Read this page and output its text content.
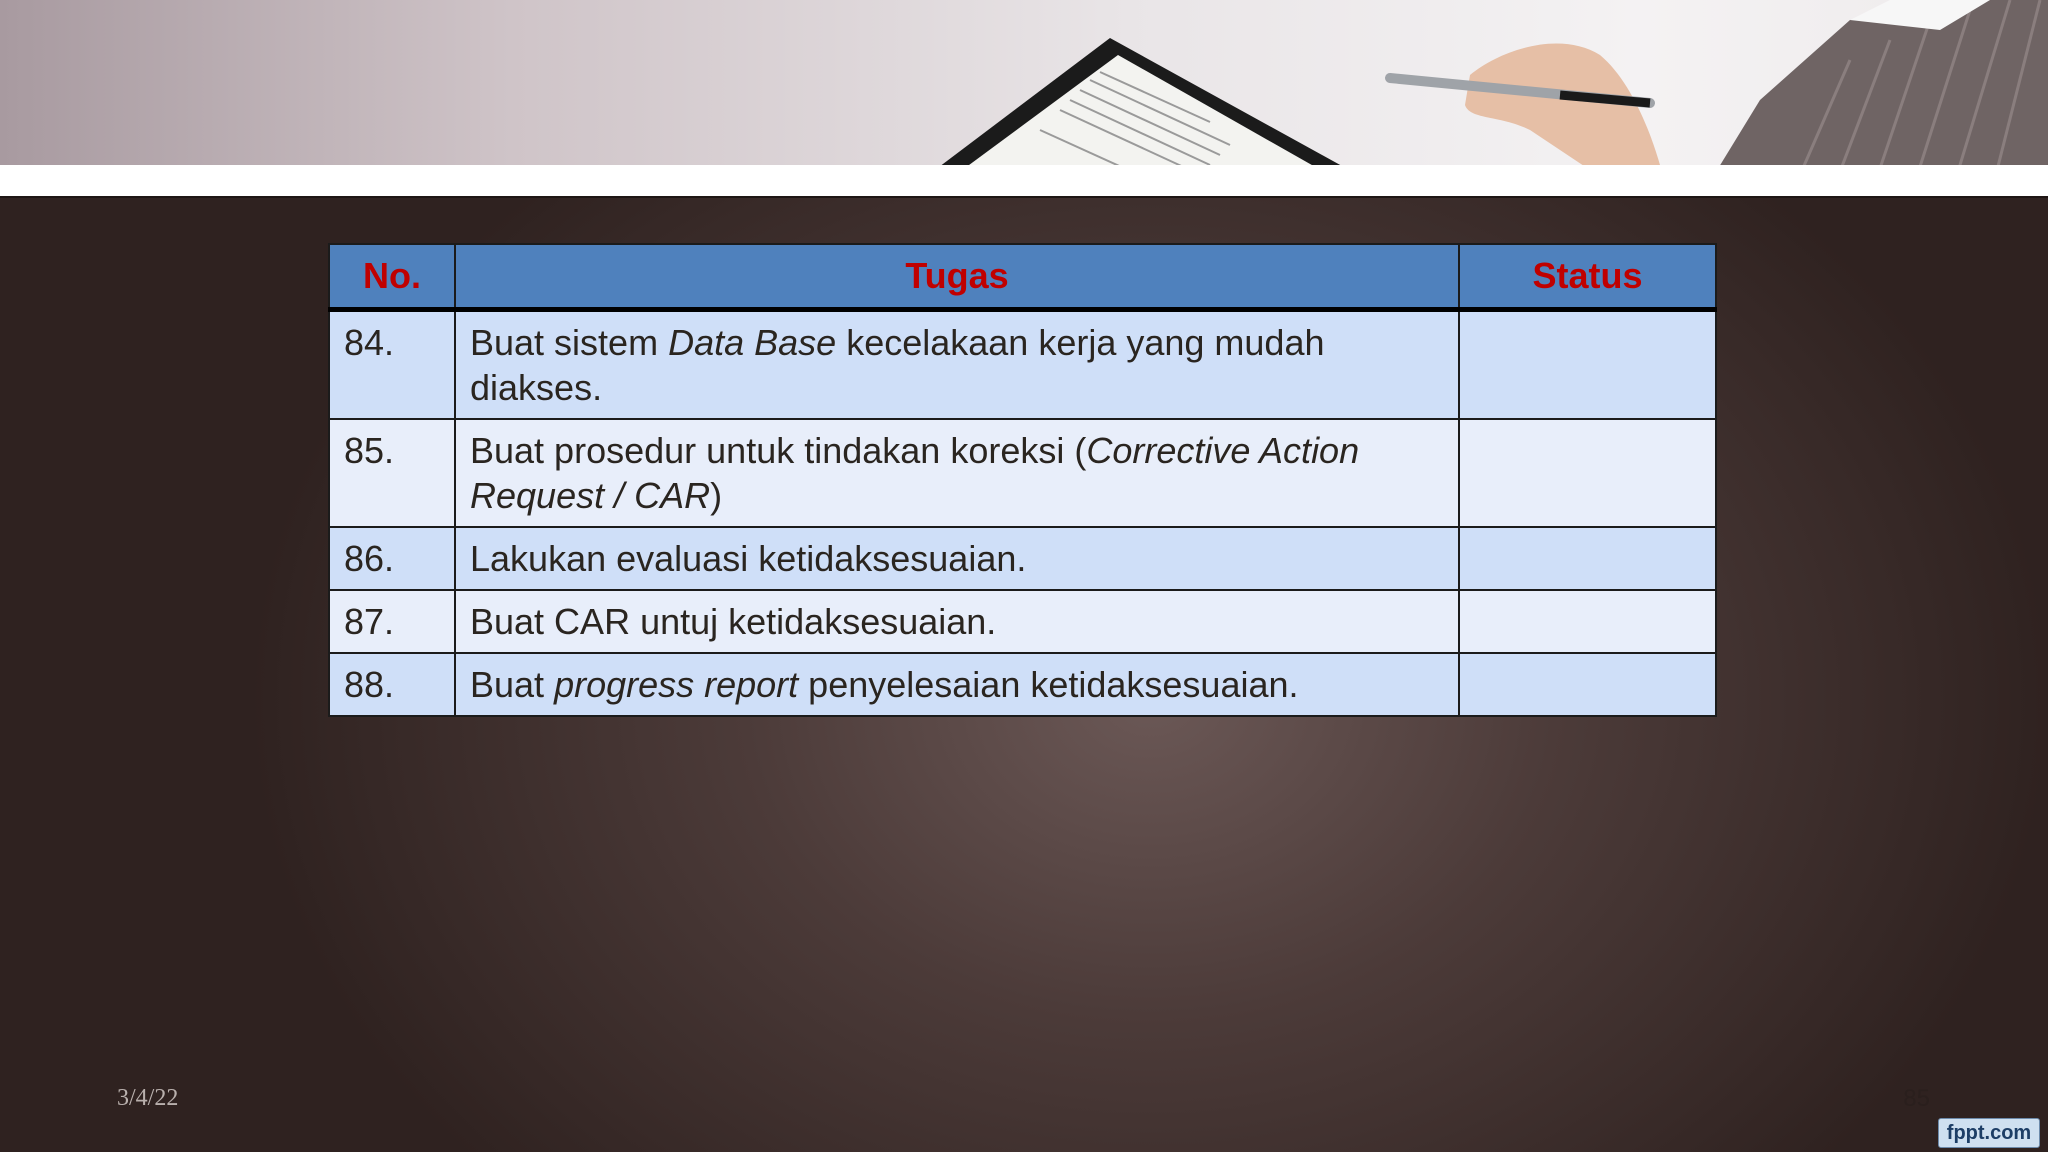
No.	Tugas	Status
84.	Buat sistem Data Base kecelakaan kerja yang mudah diakses.	
85.	Buat prosedur untuk tindakan koreksi (Corrective Action Request / CAR)	
86.	Lakukan evaluasi ketidaksesuaian.	
87.	Buat CAR untuj ketidaksesuaian.	
88.	Buat progress report penyelesaian ketidaksesuaian.	
3/4/22	85
fppt.com
